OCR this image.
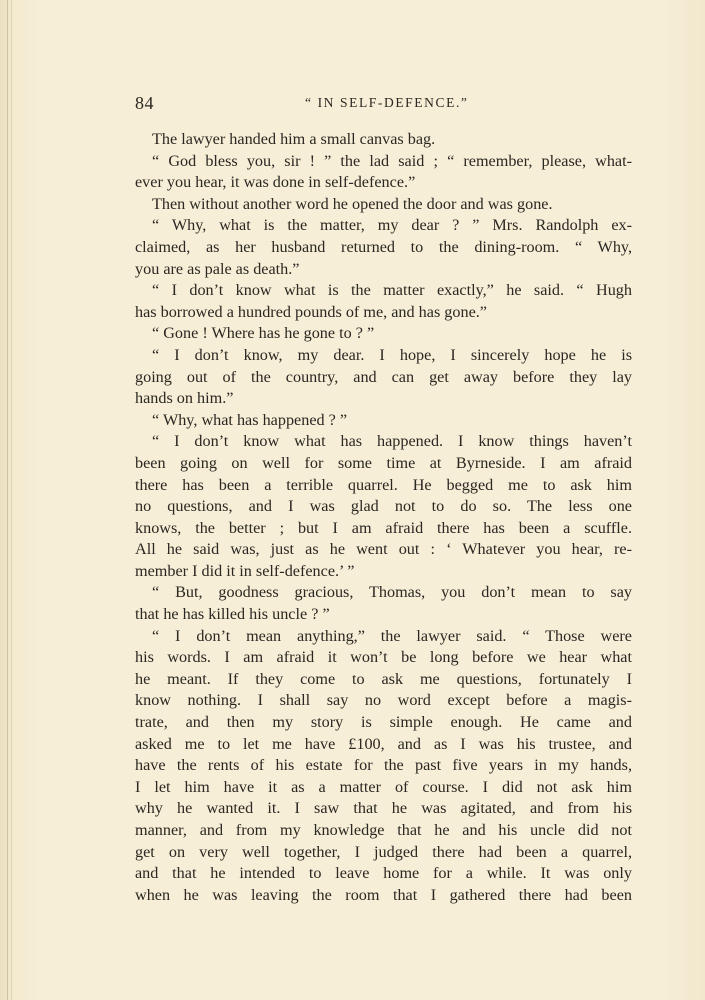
84	“ IN SELF-DEFENCE.”
The lawyer handed him a small canvas bag.
“ God bless you, sir ! ” the lad said ; “ remember, please, what-
ever you hear, it was done in self-defence.”
Then without another word he opened the door and was gone.
“ Why, what is the matter, my dear ? ” Mrs. Randolph ex-
claimed, as her husband returned to the dining-room. “ Why,
you are as pale as death.”
“ I don’t know what is the matter exactly,” he said. “ Hugh
has borrowed a hundred pounds of me, and has gone.”
“ Gone ! Where has he gone to ? ”
“ I don’t know, my dear. I hope, I sincerely hope he is
going out of the country, and can get away before they lay
hands on him.”
“ Why, what has happened ? ”
“ I don’t know what has happened. I know things haven’t
been going on well for some time at Byrneside. I am afraid
there has been a terrible quarrel. He begged me to ask him
no questions, and I was glad not to do so. The less one
knows, the better ; but I am afraid there has been a scuffle.
All he said was, just as he went out : ‘ Whatever you hear, re-
member I did it in self-defence.’ ”
“ But, goodness gracious, Thomas, you don’t mean to say
that he has killed his uncle ? ”
“ I don’t mean anything,” the lawyer said. “ Those were
his words. I am afraid it won’t be long before we hear what
he meant. If they come to ask me questions, fortunately I
know nothing. I shall say no word except before a magis-
trate, and then my story is simple enough. He came and
asked me to let me have £100, and as I was his trustee, and
have the rents of his estate for the past five years in my hands,
I let him have it as a matter of course. I did not ask him
why he wanted it. I saw that he was agitated, and from his
manner, and from my knowledge that he and his uncle did not
get on very well together, I judged there had been a quarrel,
and that he intended to leave home for a while. It was only
when he was leaving the room that I gathered there had been
